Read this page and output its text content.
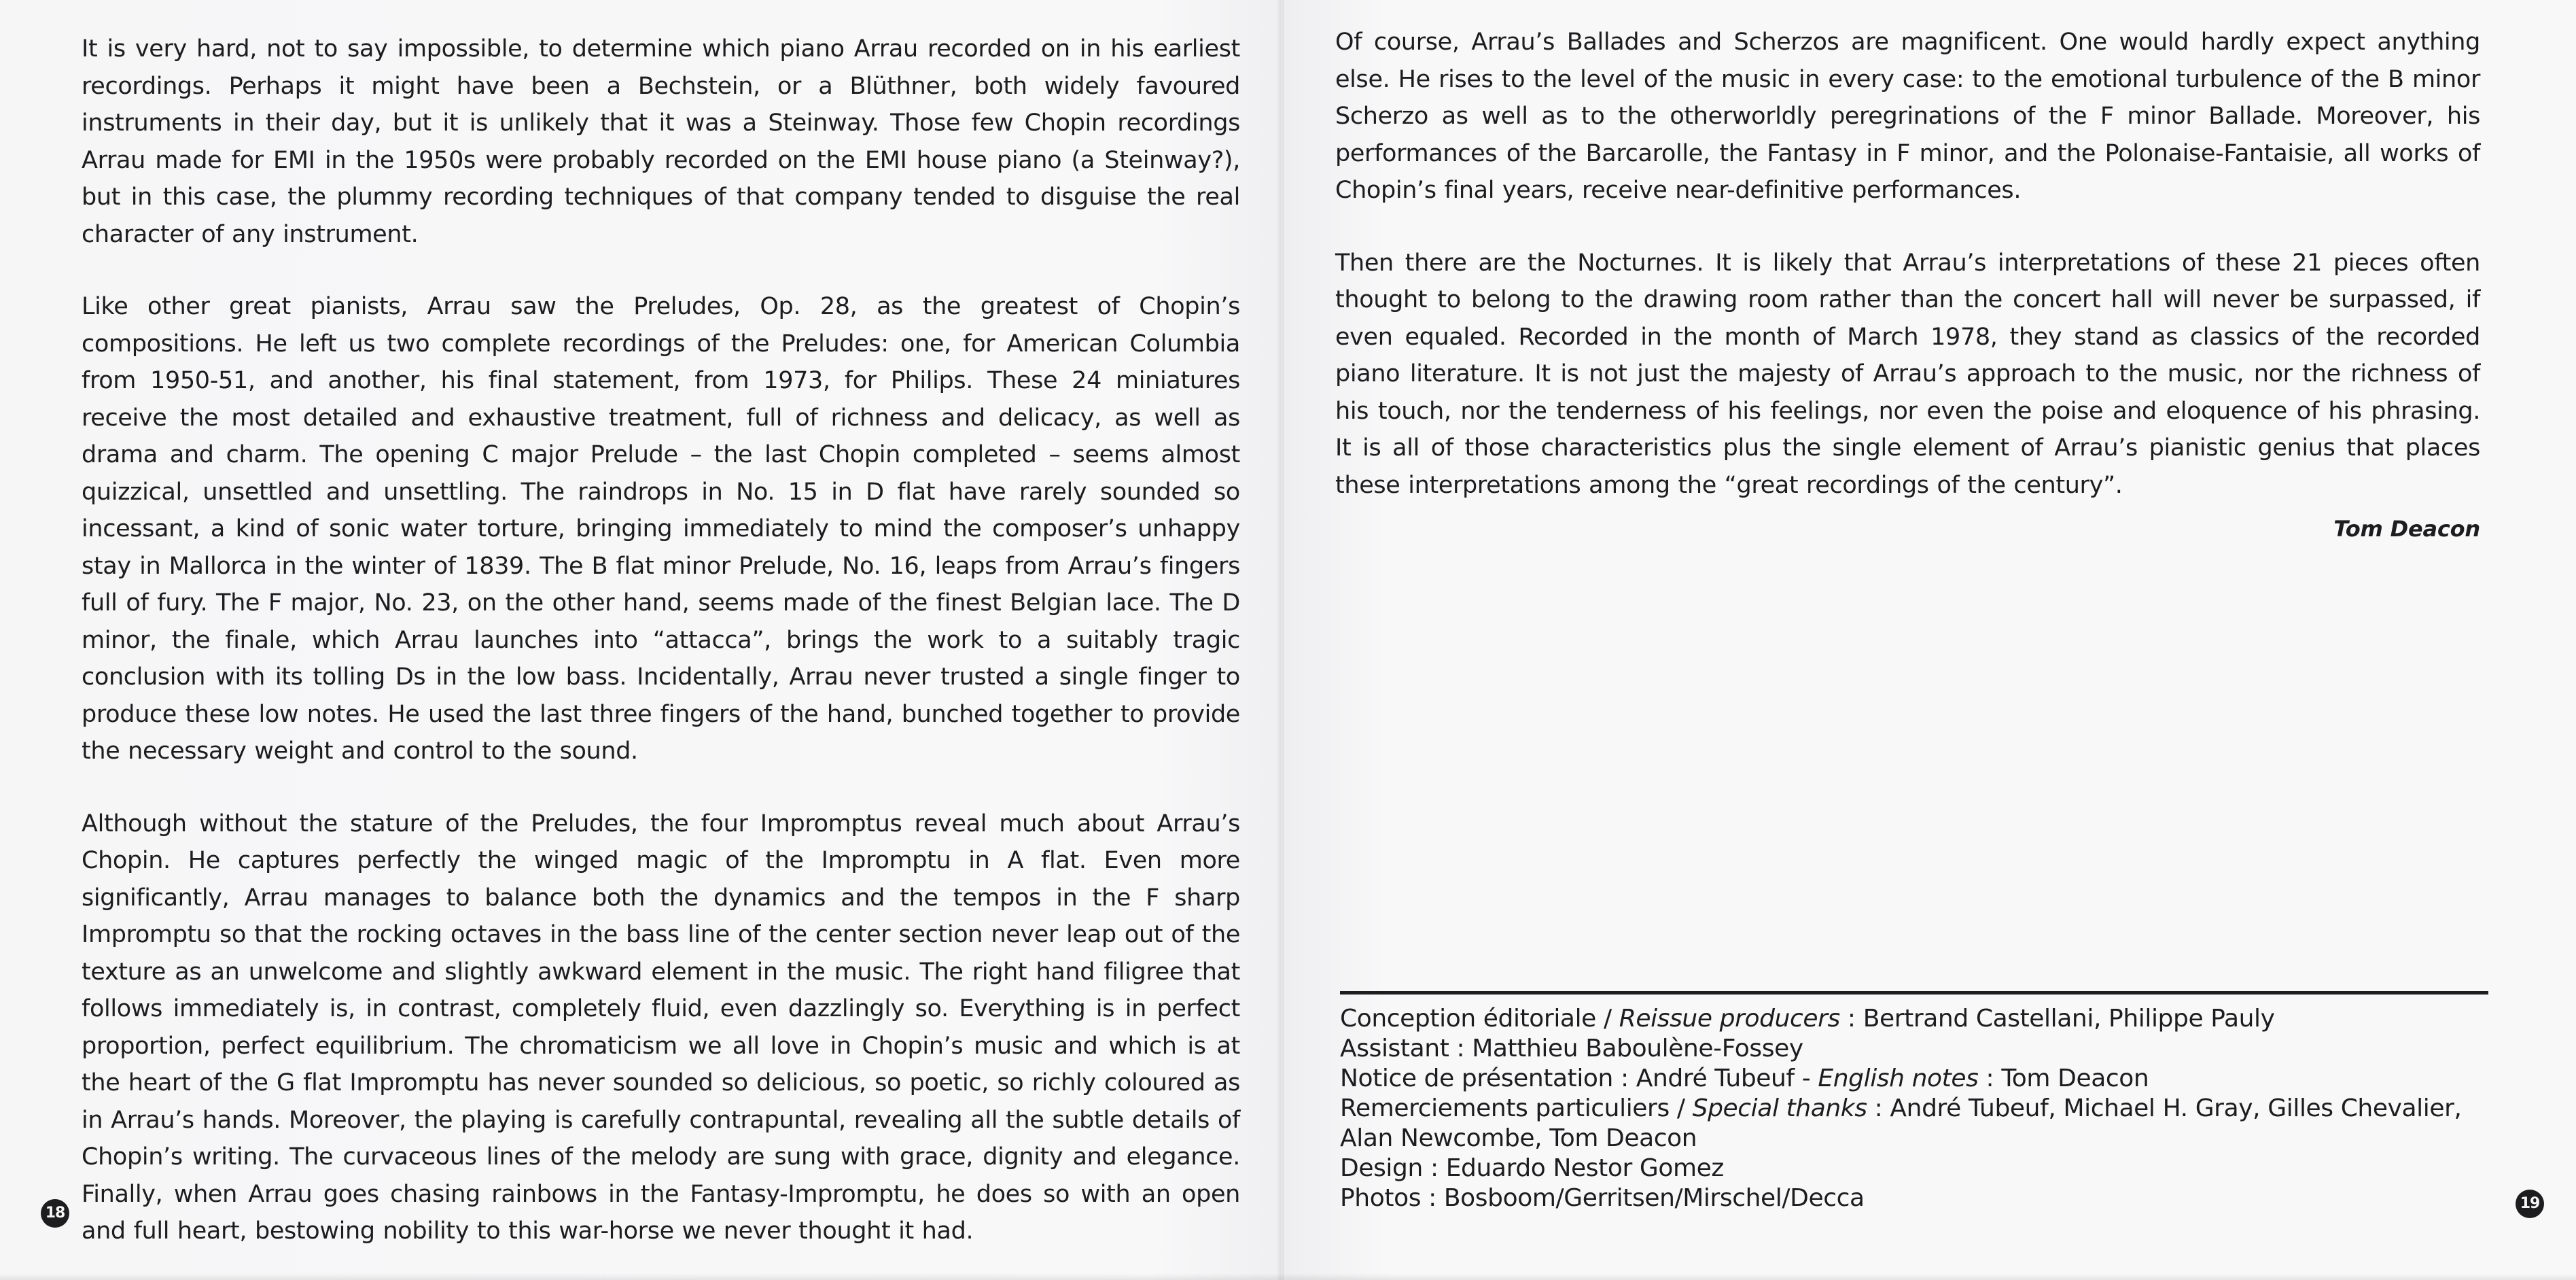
It is very hard, not to say impossible, to determine which piano Arrau recorded on in his earliest recordings. Perhaps it might have been a Bechstein, or a Blüthner, both widely favoured instruments in their day, but it is unlikely that it was a Steinway. Those few Chopin recordings Arrau made for EMI in the 1950s were probably recorded on the EMI house piano (a Steinway?), but in this case, the plummy recording techniques of that company tended to disguise the real character of any instrument.

Like other great pianists, Arrau saw the Preludes, Op. 28, as the greatest of Chopin’s compositions. He left us two complete recordings of the Preludes: one, for American Columbia from 1950-51, and another, his final statement, from 1973, for Philips. These 24 miniatures receive the most detailed and exhaustive treatment, full of richness and delicacy, as well as drama and charm. The opening C major Prelude – the last Chopin completed – seems almost quizzical, unsettled and unsettling. The raindrops in No. 15 in D flat have rarely sounded so incessant, a kind of sonic water torture, bringing immediately to mind the composer’s unhappy stay in Mallorca in the winter of 1839. The B flat minor Prelude, No. 16, leaps from Arrau’s fingers full of fury. The F major, No. 23, on the other hand, seems made of the finest Belgian lace. The D minor, the finale, which Arrau launches into “attacca”, brings the work to a suitably tragic conclusion with its tolling Ds in the low bass. Incidentally, Arrau never trusted a single finger to produce these low notes. He used the last three fingers of the hand, bunched together to provide the necessary weight and control to the sound.

Although without the stature of the Preludes, the four Impromptus reveal much about Arrau’s Chopin. He captures perfectly the winged magic of the Impromptu in A flat. Even more significantly, Arrau manages to balance both the dynamics and the tempos in the F sharp Impromptu so that the rocking octaves in the bass line of the center section never leap out of the texture as an unwelcome and slightly awkward element in the music. The right hand filigree that follows immediately is, in contrast, completely fluid, even dazzlingly so. Everything is in perfect proportion, perfect equilibrium. The chromaticism we all love in Chopin’s music and which is at the heart of the G flat Impromptu has never sounded so delicious, so poetic, so richly coloured as in Arrau’s hands. Moreover, the playing is carefully contrapuntal, revealing all the subtle details of Chopin’s writing. The curvaceous lines of the melody are sung with grace, dignity and elegance. Finally, when Arrau goes chasing rainbows in the Fantasy-Impromptu, he does so with an open and full heart, bestowing nobility to this war-horse we never thought it had.

18

Of course, Arrau’s Ballades and Scherzos are magnificent. One would hardly expect anything else. He rises to the level of the music in every case: to the emotional turbulence of the B minor Scherzo as well as to the otherworldly peregrinations of the F minor Ballade. Moreover, his performances of the Barcarolle, the Fantasy in F minor, and the Polonaise-Fantaisie, all works of Chopin’s final years, receive near-definitive performances.

Then there are the Nocturnes. It is likely that Arrau’s interpretations of these 21 pieces often thought to belong to the drawing room rather than the concert hall will never be surpassed, if even equaled. Recorded in the month of March 1978, they stand as classics of the recorded piano literature. It is not just the majesty of Arrau’s approach to the music, nor the richness of his touch, nor the tenderness of his feelings, nor even the poise and eloquence of his phrasing. It is all of those characteristics plus the single element of Arrau’s pianistic genius that places these interpretations among the “great recordings of the century”.

Tom Deacon
Conception éditoriale / Reissue producers : Bertrand Castellani, Philippe Pauly
Assistant : Matthieu Baboulène-Fossey
Notice de présentation : André Tubeuf - English notes : Tom Deacon
Remerciements particuliers / Special thanks : André Tubeuf, Michael H. Gray, Gilles Chevalier,
Alan Newcombe, Tom Deacon
Design : Eduardo Nestor Gomez
Photos : Bosboom/Gerritsen/Mirschel/Decca	19
